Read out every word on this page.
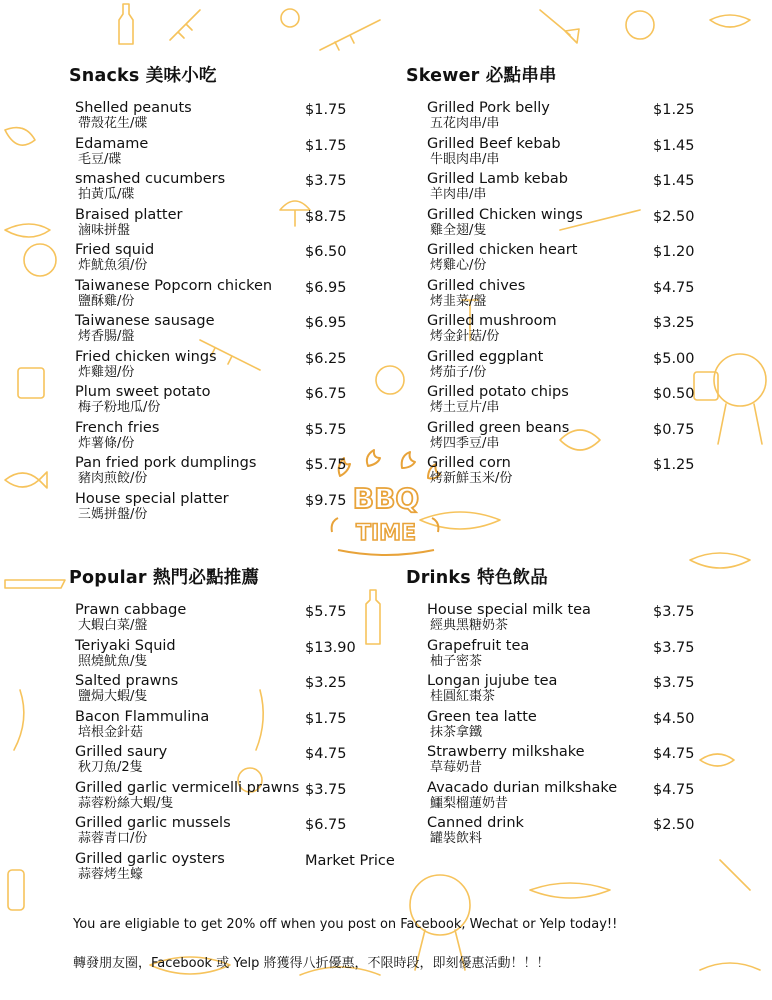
BBQ
TIME
Snacks 美味小吃
Shelled peanuts
帶殼花生/碟
$1.75
Edamame
毛豆/碟
$1.75
smashed cucumbers
拍黃瓜/碟
$3.75
Braised platter
滷味拼盤
$8.75
Fried squid
炸魷魚須/份
$6.50
Taiwanese Popcorn chicken
鹽酥雞/份
$6.95
Taiwanese sausage
烤香腸/盤
$6.95
Fried chicken wings
炸雞翅/份
$6.25
Plum sweet potato
梅子粉地瓜/份
$6.75
French fries
炸薯條/份
$5.75
Pan fried pork dumplings
豬肉煎餃/份
$5.75
House special platter
三媽拼盤/份
$9.75
Skewer 必點串串
Grilled Pork belly
五花肉串/串
$1.25
Grilled Beef kebab
牛眼肉串/串
$1.45
Grilled Lamb kebab
羊肉串/串
$1.45
Grilled Chicken wings
雞全翅/隻
$2.50
Grilled chicken heart
烤雞心/份
$1.20
Grilled chives
烤韭菜/盤
$4.75
Grilled mushroom
烤金針菇/份
$3.25
Grilled eggplant
烤茄子/份
$5.00
Grilled potato chips
烤土豆片/串
$0.50
Grilled green beans
烤四季豆/串
$0.75
Grilled corn
烤新鮮玉米/份
$1.25
Popular 熱門必點推薦
Prawn cabbage
大蝦白菜/盤
$5.75
Teriyaki Squid
照燒魷魚/隻
$13.90
Salted prawns
鹽焗大蝦/隻
$3.25
Bacon Flammulina
培根金針菇
$1.75
Grilled saury
秋刀魚/2隻
$4.75
Grilled garlic vermicelli prawns
蒜蓉粉絲大蝦/隻
$3.75
Grilled garlic mussels
蒜蓉青口/份
$6.75
Grilled garlic oysters
蒜蓉烤生蠔
Market Price
Drinks 特色飲品
House special milk tea
經典黑糖奶茶
$3.75
Grapefruit tea
柚子密茶
$3.75
Longan jujube tea
桂圓紅棗茶
$3.75
Green tea latte
抹茶拿鐵
$4.50
Strawberry milkshake
草莓奶昔
$4.75
Avacado durian milkshake
鱷梨榴蓮奶昔
$4.75
Canned drink
罐裝飲料
$2.50

You are eligiable to get 20% off when you post on Facebook, Wechat or Yelp today!!

轉發朋友圈，Facebook 或 Yelp 將獲得八折優惠，不限時段，即刻優惠活動！！！
